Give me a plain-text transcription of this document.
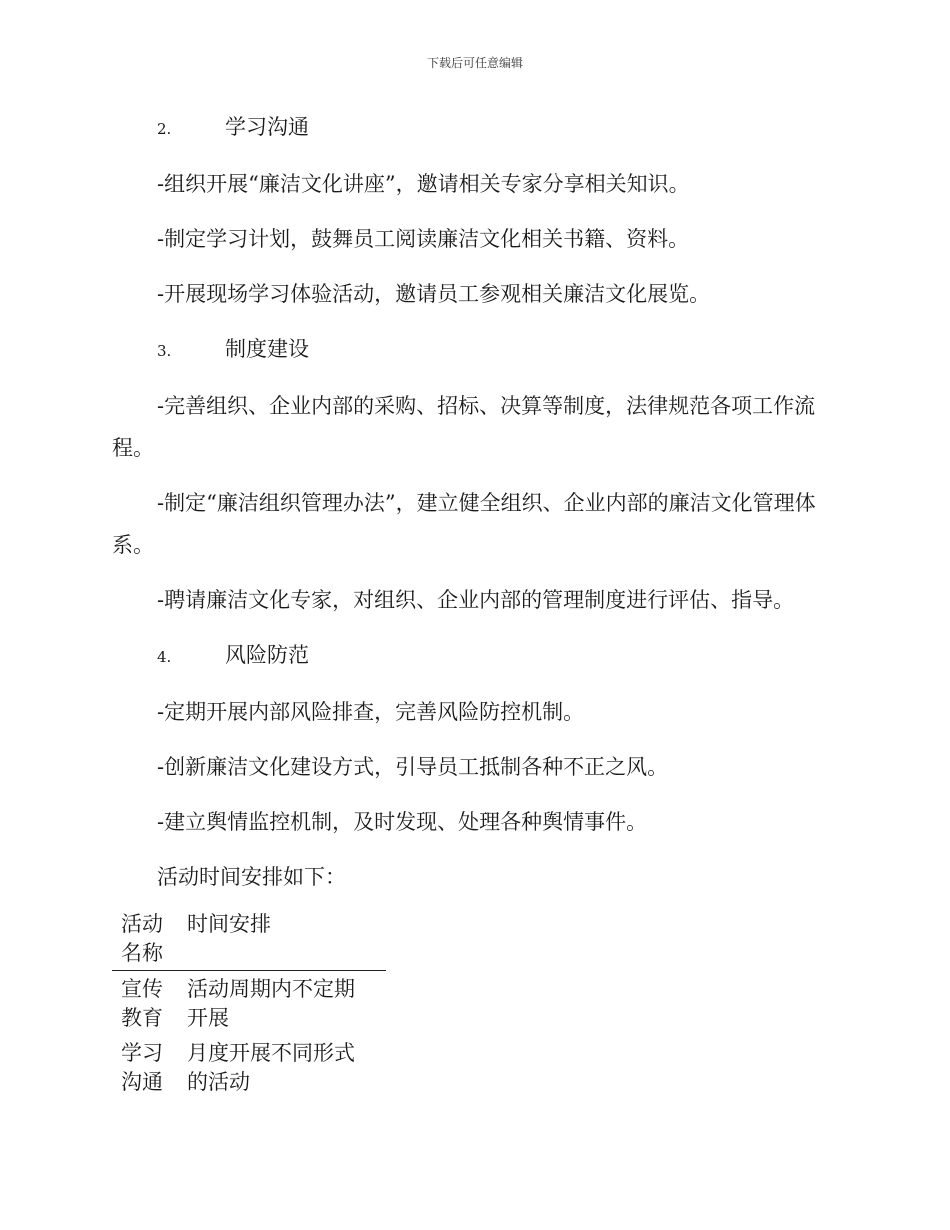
下载后可任意编辑
2.	学习沟通

-组织开展“廉洁文化讲座”，邀请相关专家分享相关知识。

-制定学习计划，鼓舞员工阅读廉洁文化相关书籍、资料。

-开展现场学习体验活动，邀请员工参观相关廉洁文化展览。

3.	制度建设

-完善组织、企业内部的采购、招标、决算等制度，法律规范各项工作流程。

-制定“廉洁组织管理办法”，建立健全组织、企业内部的廉洁文化管理体系。

-聘请廉洁文化专家，对组织、企业内部的管理制度进行评估、指导。

4.	风险防范

-定期开展内部风险排查，完善风险防控机制。

-创新廉洁文化建设方式，引导员工抵制各种不正之风。

-建立舆情监控机制，及时发现、处理各种舆情事件。

活动时间安排如下：

活动名称	时间安排

宣传教育	活动周期内不定期开展

学习沟通	月度开展不同形式的活动
